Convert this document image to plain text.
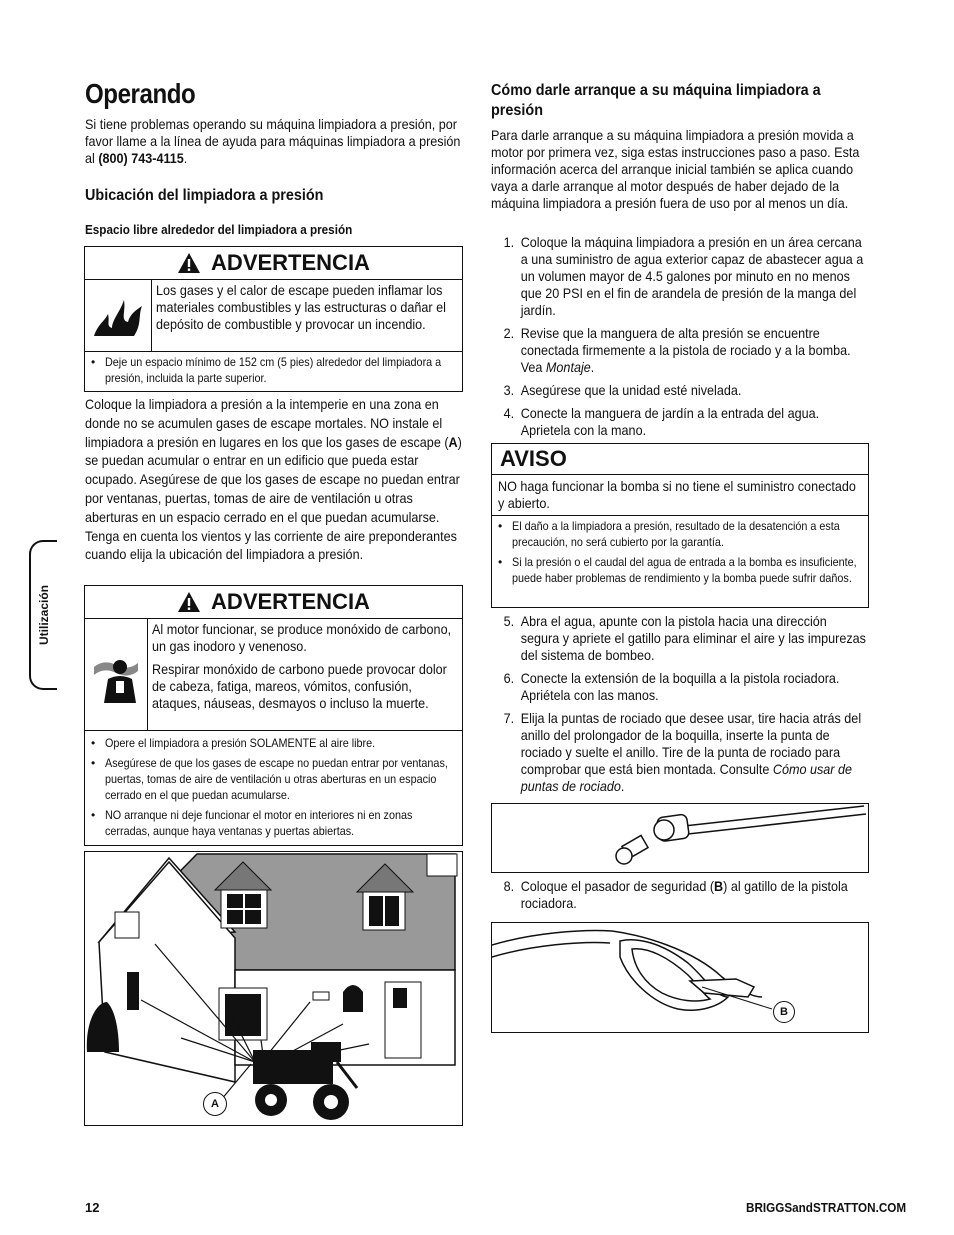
Operando

Si tiene problemas operando su máquina limpiadora a presión, por favor llame a la línea de ayuda para máquinas limpiadora a presión al (800) 743-4115.

Ubicación del limpiadora a presión
Espacio libre alrededor del limpiadora a presión
ADVERTENCIA
Los gases y el calor de escape pueden inflamar los materiales combustibles y las estructuras o dañar el depósito de combustible y provocar un incendio.
• Deje un espacio mínimo de 152 cm (5 pies) alrededor del limpiadora a presión, incluida la parte superior.
Coloque la limpiadora a presión a la intemperie en una zona en donde no se acumulen gases de escape mortales. NO instale el limpiadora a presión en lugares en los que los gases de escape (A) se puedan acumular o entrar en un edificio que pueda estar ocupado. Asegúrese de que los gases de escape no puedan entrar por ventanas, puertas, tomas de aire de ventilación u otras aberturas en un espacio cerrado en el que puedan acumularse. Tenga en cuenta los vientos y las corriente de aire preponderantes cuando elija la ubicación del limpiadora a presión.
ADVERTENCIA
Al motor funcionar, se produce monóxido de carbono, un gas inodoro y venenoso.
Respirar monóxido de carbono puede provocar dolor de cabeza, fatiga, mareos, vómitos, confusión, ataques, náuseas, desmayos o incluso la muerte.
• Opere el limpiadora a presión SOLAMENTE al aire libre.
• Asegúrese de que los gases de escape no puedan entrar por ventanas, puertas, tomas de aire de ventilación u otras aberturas en un espacio cerrado en el que puedan acumularse.
• NO arranque ni deje funcionar el motor en interiores ni en zonas cerradas, aunque haya ventanas y puertas abiertas.
A
Utilización
Cómo darle arranque a su máquina limpiadora a presión
Para darle arranque a su máquina limpiadora a presión movida a motor por primera vez, siga estas instrucciones paso a paso. Esta información acerca del arranque inicial también se aplica cuando vaya a darle arranque al motor después de haber dejado de la máquina limpiadora a presión fuera de uso por al menos un día.
1. Coloque la máquina limpiadora a presión en un área cercana a una suministro de agua exterior capaz de abastecer agua a un volumen mayor de 4.5 galones por minuto en no menos que 20 PSI en el fin de arandela de presión de la manga del jardín.
2. Revise que la manguera de alta presión se encuentre conectada firmemente a la pistola de rociado y a la bomba. Vea Montaje.
3. Asegúrese que la unidad esté nivelada.
4. Conecte la manguera de jardín a la entrada del agua. Aprietela con la mano.
AVISO
NO haga funcionar la bomba si no tiene el suministro conectado y abierto.
• El daño a la limpiadora a presión, resultado de la desatención a esta precaución, no será cubierto por la garantía.
• Si la presión o el caudal del agua de entrada a la bomba es insuficiente, puede haber problemas de rendimiento y la bomba puede sufrir daños.
5. Abra el agua, apunte con la pistola hacia una dirección segura y apriete el gatillo para eliminar el aire y las impurezas del sistema de bombeo.
6. Conecte la extensión de la boquilla a la pistola rociadora. Apriétela con las manos.
7. Elija la puntas de rociado que desee usar, tire hacia atrás del anillo del prolongador de la boquilla, inserte la punta de rociado y suelte el anillo. Tire de la punta de rociado para comprobar que está bien montada. Consulte Cómo usar de puntas de rociado.
8. Coloque el pasador de seguridad (B) al gatillo de la pistola rociadora.
B
12	BRIGGSandSTRATTON.COM
